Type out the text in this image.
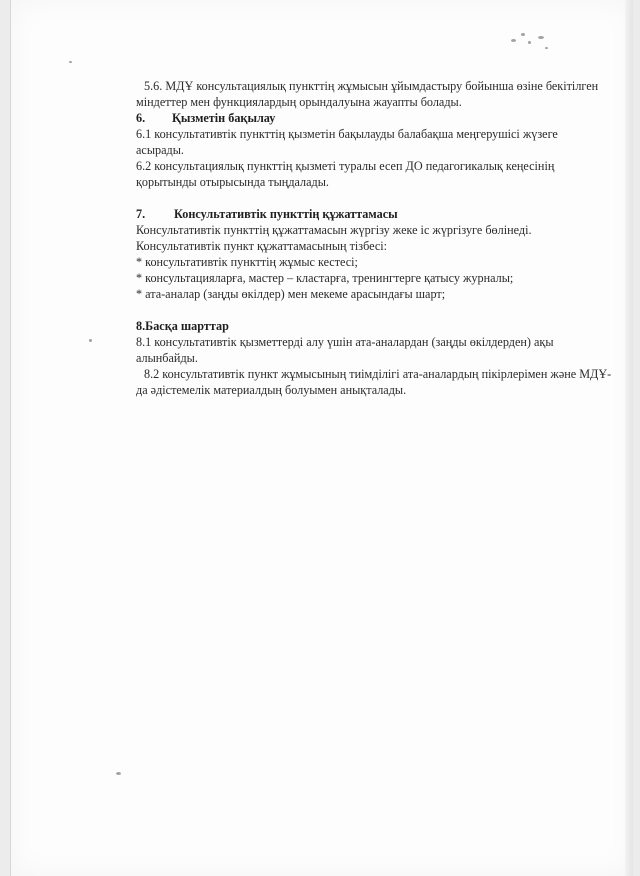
5.6. МДҰ консультациялық пункттің жұмысын ұйымдастыру бойынша өзіне бекітілген
міндеттер мен функциялардың орындалуына жауапты болады.
6. Қызметін бақылау
6.1 консультативтік пункттің қызметін бақылауды балабақша меңгерушісі жүзеге
асырады.
6.2 консультациялық пункттің қызметі туралы есеп ДО педагогикалық кеңесінің
қорытынды отырысында тыңдалады.
7. Консультативтік пункттің құжаттамасы
Консультативтік пункттің құжаттамасын жүргізу жеке іс жүргізуге бөлінеді.
Консультативтік пункт құжаттамасының тізбесі:
* консультативтік пункттің жұмыс кестесі;
* консультацияларға, мастер – кластарға, тренингтерге қатысу журналы;
* ата-аналар (заңды өкілдер) мен мекеме арасындағы шарт;
8.Басқа шарттар
8.1 консультативтік қызметтерді алу үшін ата-аналардан (заңды өкілдерден) ақы
алынбайды.
8.2 консультативтік пункт жұмысының тиімділігі ата-аналардың пікірлерімен және МДҰ-
да әдістемелік материалдың болуымен анықталады.
